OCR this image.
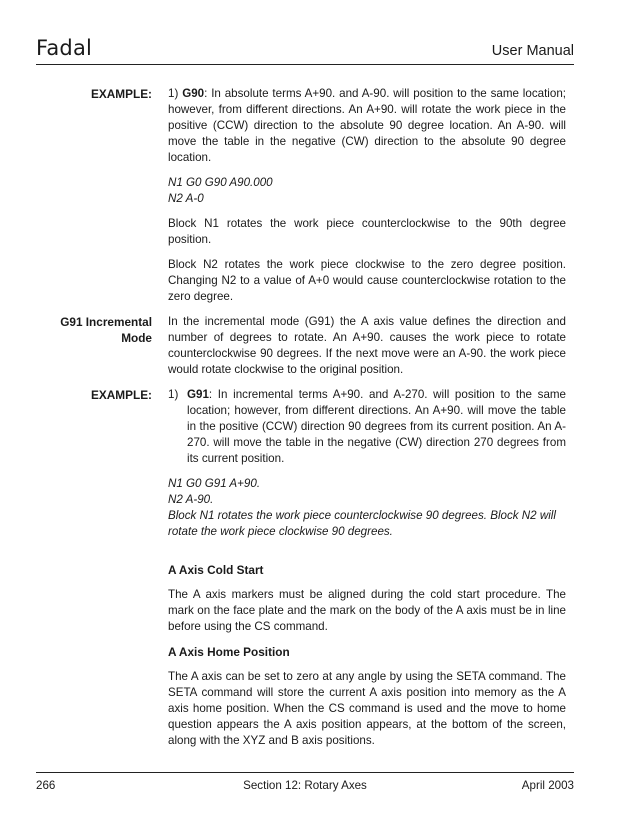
Fadal	User Manual
EXAMPLE: 1) G90: In absolute terms A+90. and A-90. will position to the same location; however, from different directions. An A+90. will rotate the work piece in the positive (CCW) direction to the absolute 90 degree location. An A-90. will move the table in the negative (CW) direction to the absolute 90 degree location.

N1 G0 G90 A90.000
N2 A-0

Block N1 rotates the work piece counterclockwise to the 90th degree position.

Block N2 rotates the work piece clockwise to the zero degree position. Changing N2 to a value of A+0 would cause counterclockwise rotation to the zero degree.

G91 Incremental
Mode

In the incremental mode (G91) the A axis value defines the direction and number of degrees to rotate. An A+90. causes the work piece to rotate counterclockwise 90 degrees. If the next move were an A-90. the work piece would rotate clockwise to the original position.

EXAMPLE: 1) G91: In incremental terms A+90. and A-270. will position to the same location; however, from different directions. An A+90. will move the table in the positive (CCW) direction 90 degrees from its current position. An A-270. will move the table in the negative (CW) direction 270 degrees from its current position.

N1 G0 G91 A+90.
N2 A-90.
Block N1 rotates the work piece counterclockwise 90 degrees. Block N2 will rotate the work piece clockwise 90 degrees.

A Axis Cold Start

The A axis markers must be aligned during the cold start procedure. The mark on the face plate and the mark on the body of the A axis must be in line before using the CS command.

A Axis Home Position

The A axis can be set to zero at any angle by using the SETA command. The SETA command will store the current A axis position into memory as the A axis home position. When the CS command is used and the move to home question appears the A axis position appears, at the bottom of the screen, along with the XYZ and B axis positions.

266	Section 12: Rotary Axes	April 2003
